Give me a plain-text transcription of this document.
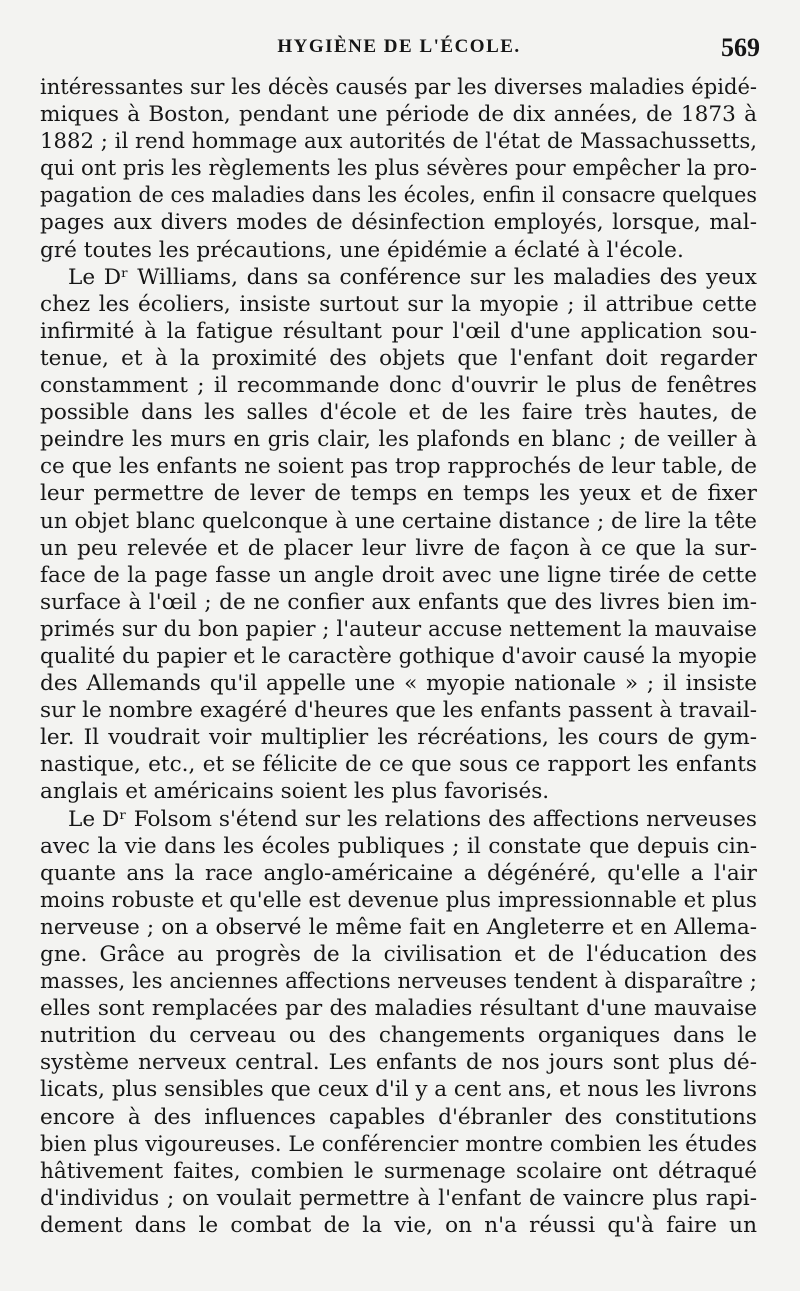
HYGIÈNE DE L'ÉCOLE.	569
intéressantes sur les décès causés par les diverses maladies épidé-
miques à Boston, pendant une période de dix années, de 1873 à
1882 ; il rend hommage aux autorités de l'état de Massachussetts,
qui ont pris les règlements les plus sévères pour empêcher la pro-
pagation de ces maladies dans les écoles, enfin il consacre quelques
pages aux divers modes de désinfection employés, lorsque, mal-
gré toutes les précautions, une épidémie a éclaté à l'école.
Le Dʳ Williams, dans sa conférence sur les maladies des yeux
chez les écoliers, insiste surtout sur la myopie ; il attribue cette
infirmité à la fatigue résultant pour l'œil d'une application sou-
tenue, et à la proximité des objets que l'enfant doit regarder
constamment ; il recommande donc d'ouvrir le plus de fenêtres
possible dans les salles d'école et de les faire très hautes, de
peindre les murs en gris clair, les plafonds en blanc ; de veiller à
ce que les enfants ne soient pas trop rapprochés de leur table, de
leur permettre de lever de temps en temps les yeux et de fixer
un objet blanc quelconque à une certaine distance ; de lire la tête
un peu relevée et de placer leur livre de façon à ce que la sur-
face de la page fasse un angle droit avec une ligne tirée de cette
surface à l'œil ; de ne confier aux enfants que des livres bien im-
primés sur du bon papier ; l'auteur accuse nettement la mauvaise
qualité du papier et le caractère gothique d'avoir causé la myopie
des Allemands qu'il appelle une « myopie nationale » ; il insiste
sur le nombre exagéré d'heures que les enfants passent à travail-
ler. Il voudrait voir multiplier les récréations, les cours de gym-
nastique, etc., et se félicite de ce que sous ce rapport les enfants
anglais et américains soient les plus favorisés.
Le Dʳ Folsom s'étend sur les relations des affections nerveuses
avec la vie dans les écoles publiques ; il constate que depuis cin-
quante ans la race anglo-américaine a dégénéré, qu'elle a l'air
moins robuste et qu'elle est devenue plus impressionnable et plus
nerveuse ; on a observé le même fait en Angleterre et en Allema-
gne. Grâce au progrès de la civilisation et de l'éducation des
masses, les anciennes affections nerveuses tendent à disparaître ;
elles sont remplacées par des maladies résultant d'une mauvaise
nutrition du cerveau ou des changements organiques dans le
système nerveux central. Les enfants de nos jours sont plus dé-
licats, plus sensibles que ceux d'il y a cent ans, et nous les livrons
encore à des influences capables d'ébranler des constitutions
bien plus vigoureuses. Le conférencier montre combien les études
hâtivement faites, combien le surmenage scolaire ont détraqué
d'individus ; on voulait permettre à l'enfant de vaincre plus rapi-
dement dans le combat de la vie, on n'a réussi qu'à faire un
